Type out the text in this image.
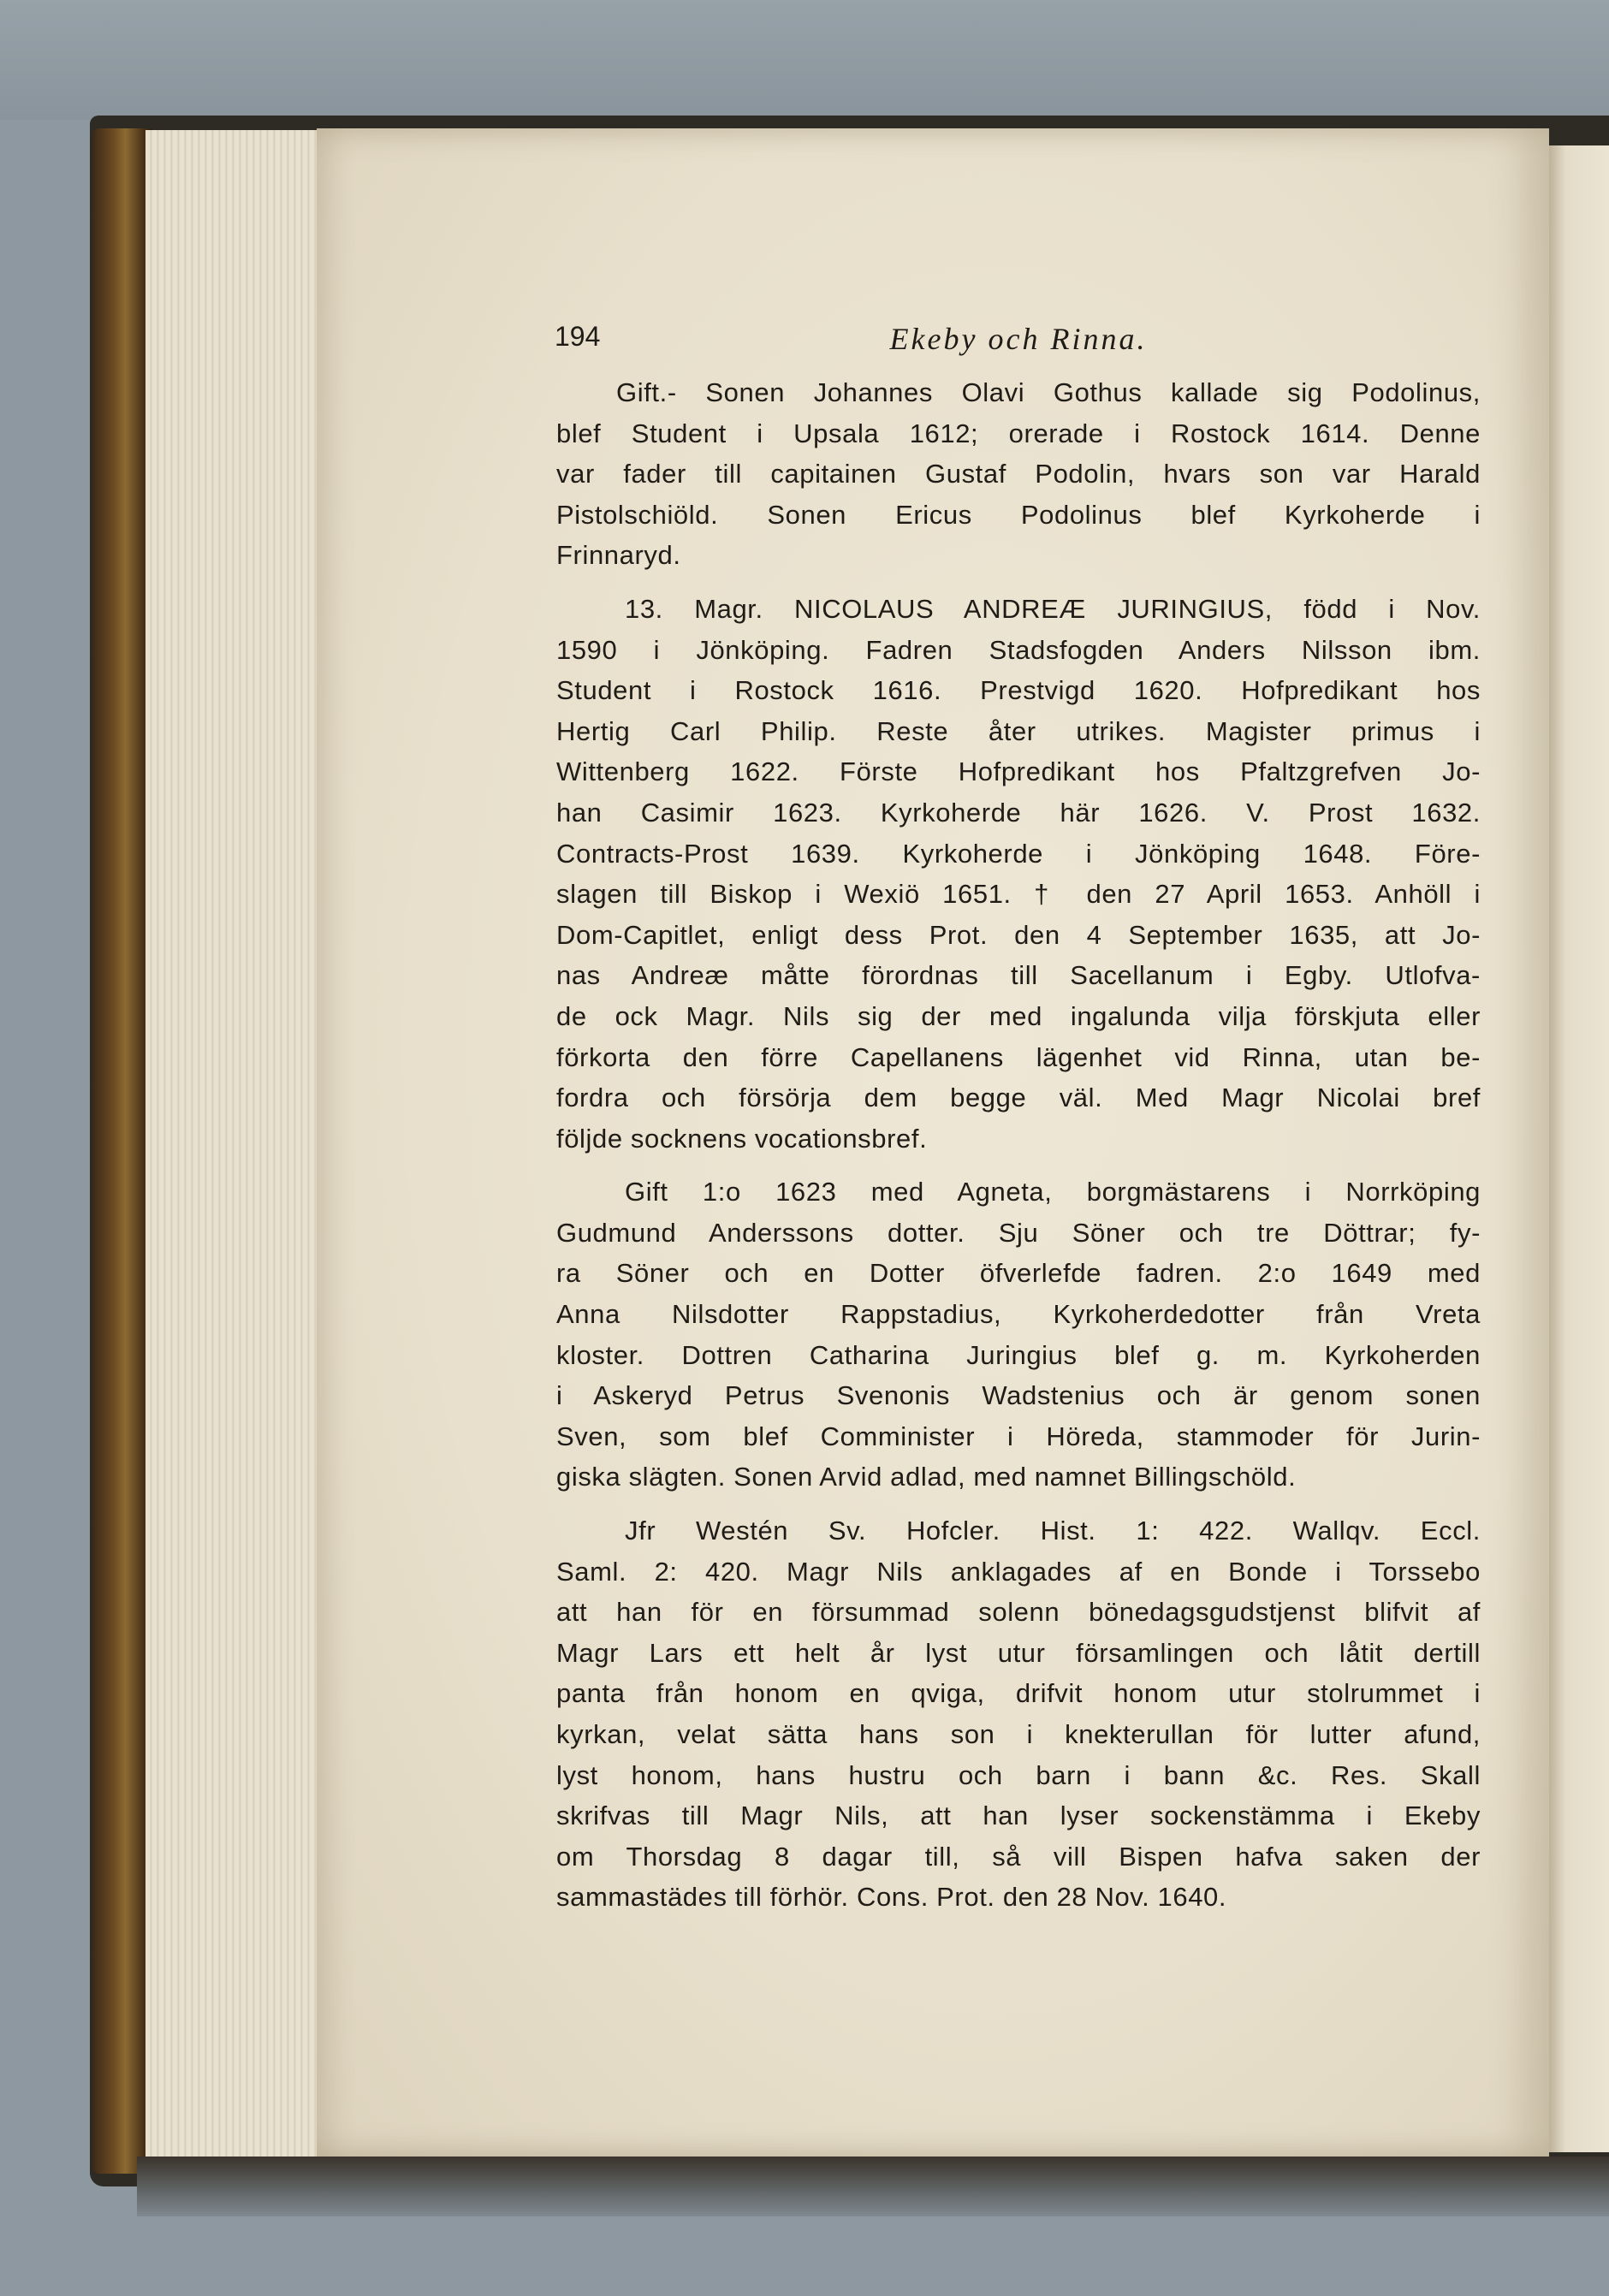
194	Ekeby och Rinna.

Gift.- Sonen Johannes Olavi Gothus kallade sig Podolinus,
blef Student i Upsala 1612; orerade i Rostock 1614. Denne
var fader till capitainen Gustaf Podolin, hvars son var Harald
Pistolschiöld. Sonen Ericus Podolinus blef Kyrkoherde i
Frinnaryd.

13. Magr. NICOLAUS ANDREÆ JURINGIUS, född i Nov.
1590 i Jönköping. Fadren Stadsfogden Anders Nilsson ibm.
Student i Rostock 1616. Prestvigd 1620. Hofpredikant hos
Hertig Carl Philip. Reste åter utrikes. Magister primus i
Wittenberg 1622. Förste Hofpredikant hos Pfaltzgrefven Jo-
han Casimir 1623. Kyrkoherde här 1626. V. Prost 1632.
Contracts-Prost 1639. Kyrkoherde i Jönköping 1648. Före-
slagen till Biskop i Wexiö 1651. † den 27 April 1653. Anhöll i
Dom-Capitlet, enligt dess Prot. den 4 September 1635, att Jo-
nas Andreæ måtte förordnas till Sacellanum i Egby. Utlofva-
de ock Magr. Nils sig der med ingalunda vilja förskjuta eller
förkorta den förre Capellanens lägenhet vid Rinna, utan be-
fordra och försörja dem begge väl. Med Magr Nicolai bref
följde socknens vocationsbref.

Gift 1:o 1623 med Agneta, borgmästarens i Norrköping
Gudmund Anderssons dotter. Sju Söner och tre Döttrar; fy-
ra Söner och en Dotter öfverlefde fadren. 2:o 1649 med
Anna Nilsdotter Rappstadius, Kyrkoherdedotter från Vreta
kloster. Dottren Catharina Juringius blef g. m. Kyrkoherden
i Askeryd Petrus Svenonis Wadstenius och är genom sonen
Sven, som blef Comminister i Höreda, stammoder för Jurin-
giska slägten. Sonen Arvid adlad, med namnet Billingschöld.

Jfr Westén Sv. Hofcler. Hist. 1: 422. Wallqv. Eccl.
Saml. 2: 420. Magr Nils anklagades af en Bonde i Torssebo
att han för en försummad solenn bönedagsgudstjenst blifvit af
Magr Lars ett helt år lyst utur församlingen och låtit dertill
panta från honom en qviga, drifvit honom utur stolrummet i
kyrkan, velat sätta hans son i knekterullan för lutter afund,
lyst honom, hans hustru och barn i bann &c. Res. Skall
skrifvas till Magr Nils, att han lyser sockenstämma i Ekeby
om Thorsdag 8 dagar till, så vill Bispen hafva saken der
sammastädes till förhör. Cons. Prot. den 28 Nov. 1640.
